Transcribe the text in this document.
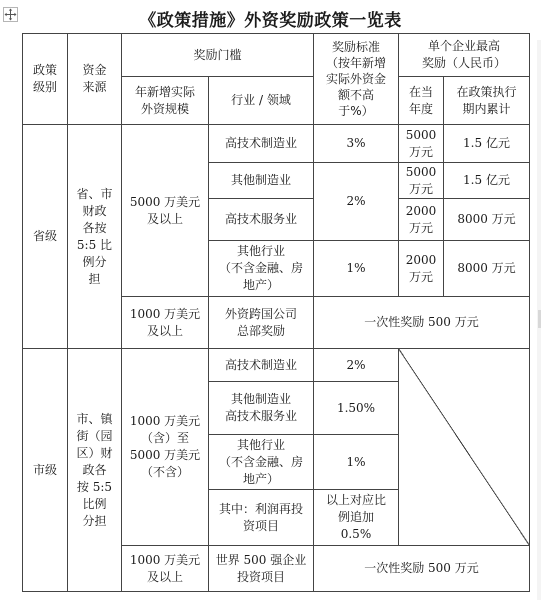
《政策措施》外资奖励政策一览表
政策
级别
资金
来源
奖励门槛
奖励标准
（按年新增
实际外资金
额不高
于%）
单个企业最高
奖励（人民币）
年新增实际
外资规模
行业 / 领域
在当
年度
在政策执行
期内累计
省级
省、市
财政
各按
5:5 比
例分
担
5000 万美元
及以上
高技术制造业	3%
5000
万元
1.5 亿元
其他制造业
2%
5000
万元
1.5 亿元
高技术服务业
2000
万元
8000 万元
其他行业
（不含金融、房
地产）
1%
2000
万元
8000 万元
1000 万美元
及以上
外资跨国公司
总部奖励
一次性奖励 500 万元
市级
市、镇
街（园
区）财
政各
按 5:5
比例
分担
1000 万美元
（含）至
5000 万美元
（不含）
高技术制造业	2%
其他制造业
高技术服务业
1.50%
其他行业
（不含金融、房
地产）
1%
其中：利润再投
资项目
以上对应比
例追加
0.5%
1000 万美元
及以上
世界 500 强企业
投资项目
一次性奖励 500 万元
